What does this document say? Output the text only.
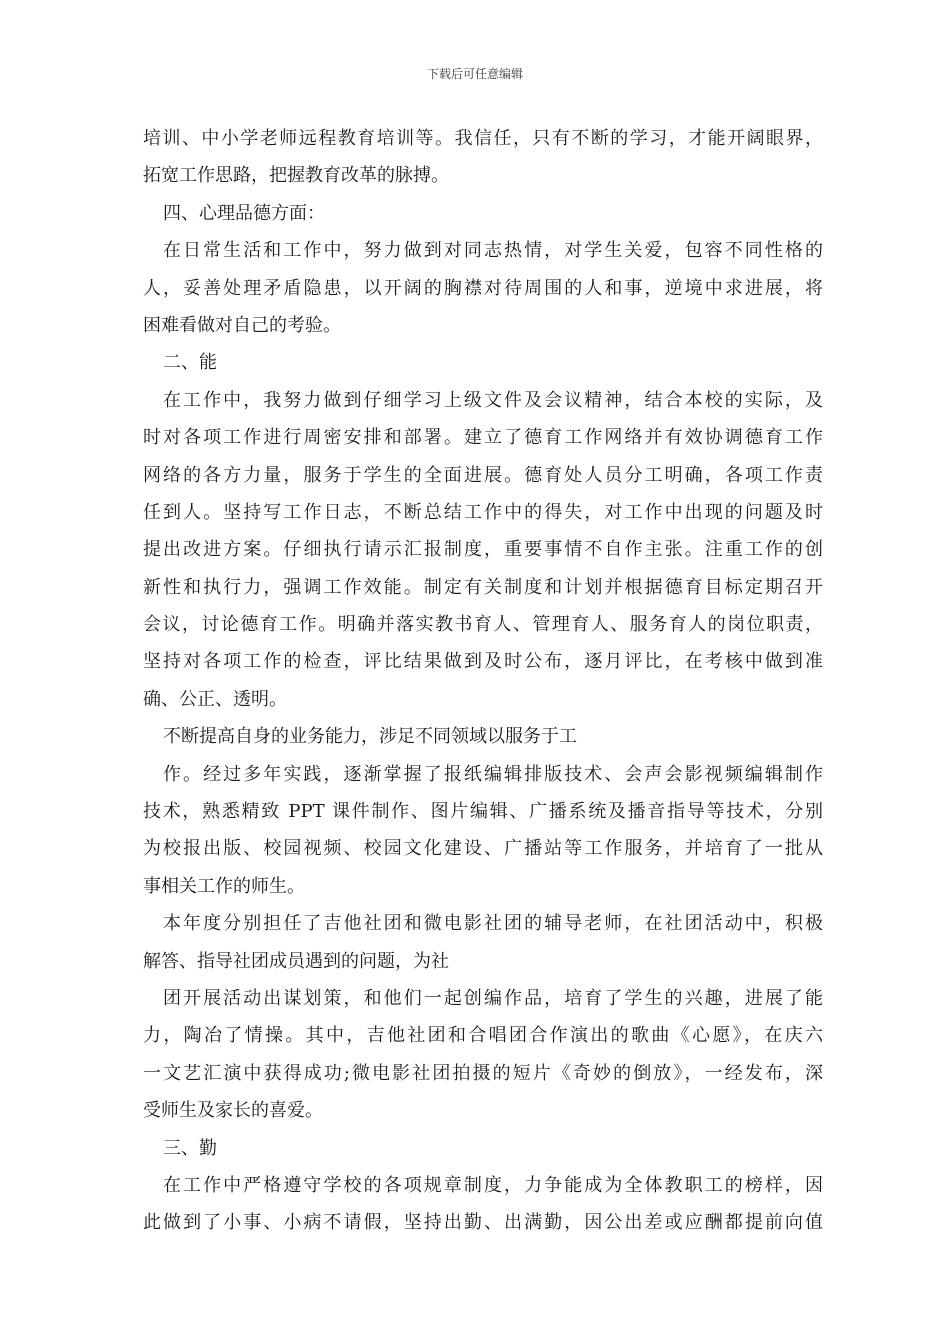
下载后可任意编辑
培训、中小学老师远程教育培训等。我信任，只有不断的学习，才能开阔眼界，
拓宽工作思路，把握教育改革的脉搏。
四、心理品德方面：
在日常生活和工作中，努力做到对同志热情，对学生关爱，包容不同性格的
人，妥善处理矛盾隐患，以开阔的胸襟对待周围的人和事，逆境中求进展，将
困难看做对自己的考验。
二、能
在工作中，我努力做到仔细学习上级文件及会议精神，结合本校的实际，及
时对各项工作进行周密安排和部署。建立了德育工作网络并有效协调德育工作
网络的各方力量，服务于学生的全面进展。德育处人员分工明确，各项工作责
任到人。坚持写工作日志，不断总结工作中的得失，对工作中出现的问题及时
提出改进方案。仔细执行请示汇报制度，重要事情不自作主张。注重工作的创
新性和执行力，强调工作效能。制定有关制度和计划并根据德育目标定期召开
会议，讨论德育工作。明确并落实教书育人、管理育人、服务育人的岗位职责，
坚持对各项工作的检查，评比结果做到及时公布，逐月评比，在考核中做到准
确、公正、透明。
不断提高自身的业务能力，涉足不同领域以服务于工
作。经过多年实践，逐渐掌握了报纸编辑排版技术、会声会影视频编辑制作
技术，熟悉精致 PPT 课件制作、图片编辑、广播系统及播音指导等技术，分别
为校报出版、校园视频、校园文化建设、广播站等工作服务，并培育了一批从
事相关工作的师生。
本年度分别担任了吉他社团和微电影社团的辅导老师，在社团活动中，积极
解答、指导社团成员遇到的问题，为社
团开展活动出谋划策，和他们一起创编作品，培育了学生的兴趣，进展了能
力，陶冶了情操。其中，吉他社团和合唱团合作演出的歌曲《心愿》，在庆六
一文艺汇演中获得成功;微电影社团拍摄的短片《奇妙的倒放》，一经发布，深
受师生及家长的喜爱。
三、勤
在工作中严格遵守学校的各项规章制度，力争能成为全体教职工的榜样，因
此做到了小事、小病不请假，坚持出勤、出满勤，因公出差或应酬都提前向值
